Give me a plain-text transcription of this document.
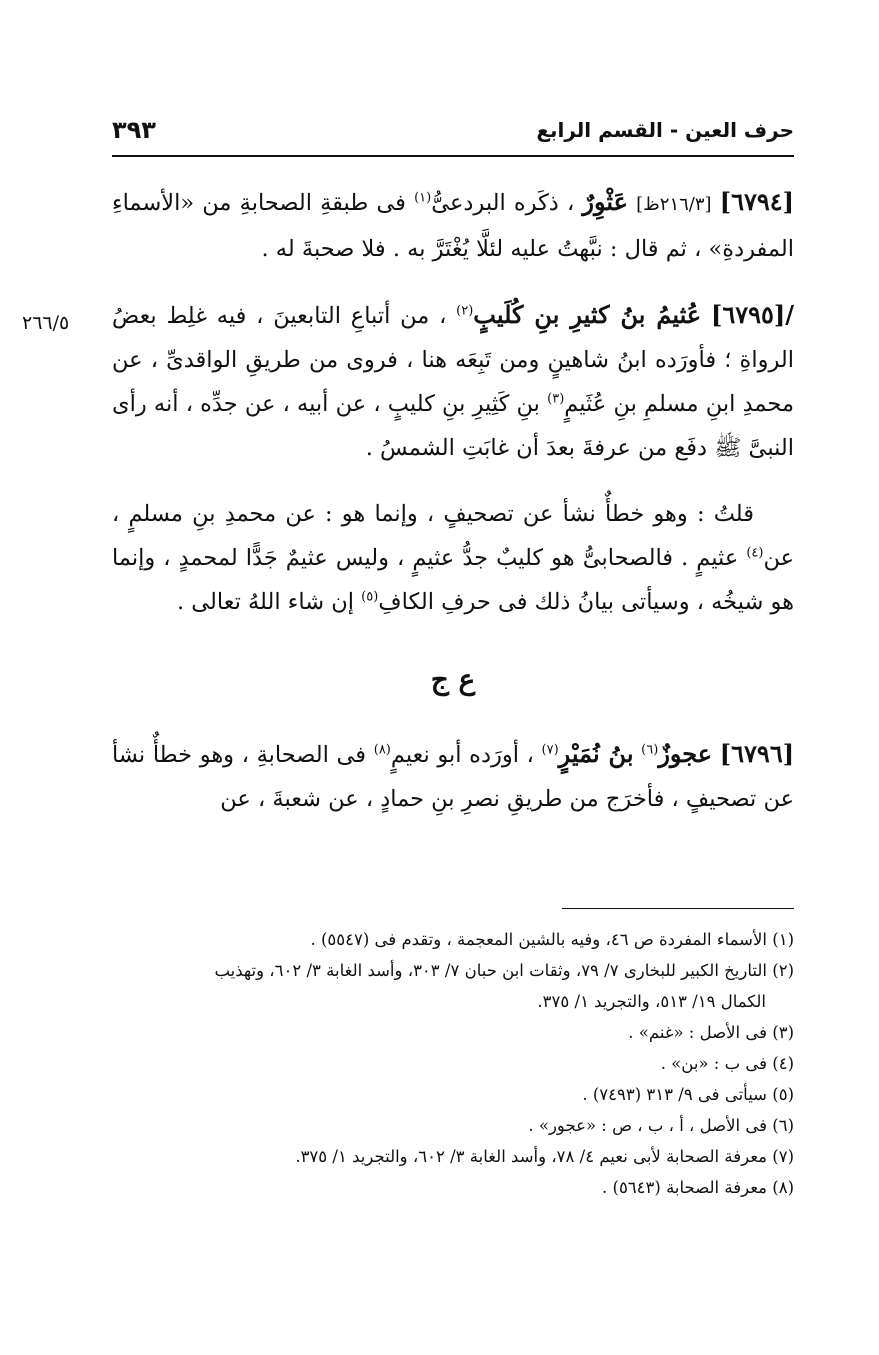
حرف العين - القسم الرابع
٣٩٣
٢٦٦/٥

[٦٧٩٤] [٢١٦/٣ظ] عَثْوِرٌ ، ذكَره البردعىُّ$^{(١)}$ فى طبقةِ الصحابةِ من «الأسماءِ المفردةِ» ، ثم قال : نبَّهتُ عليه لئلَّا يُغْتَرَّ به . فلا صحبةَ له .

/[٦٧٩٥] عُثيمُ بنُ كثيرِ بنِ كُلَيبٍ$^{(٢)}$ ، من أتباعِ التابعينَ ، فيه غلِط بعضُ الرواةِ ؛ فأورَده ابنُ شاهينٍ ومن تَبِعَه هنا ، فروى من طريقِ الواقدىِّ ، عن محمدِ ابنِ مسلمِ بنِ عُثَيمٍ$^{(٣)}$ بنِ كَثِيرِ بنِ كليبٍ ، عن أبيه ، عن جدِّه ، أنه رأى النبىَّ ﷺ دفَع من عرفةَ بعدَ أن غابَتِ الشمسُ .

قلتُ : وهو خطأٌ نشأ عن تصحيفٍ ، وإنما هو : عن محمدِ بنِ مسلمٍ ، عن$^{(٤)}$ عثيمٍ . فالصحابىُّ هو كليبٌ جدُّ عثيمٍ ، وليس عثيمٌ جَدًّا لمحمدٍ ، وإنما هو شيخُه ، وسيأتى بيانُ ذلك فى حرفِ الكافِ$^{(٥)}$ إن شاء اللهُ تعالى .

ع ج

[٦٧٩٦] عجوزٌ$^{(٦)}$ بنُ نُمَيْرٍ$^{(٧)}$ ، أورَده أبو نعيمٍ$^{(٨)}$ فى الصحابةِ ، وهو خطأٌ نشأ عن تصحيفٍ ، فأخرَج من طريقِ نصرِ بنِ حمادٍ ، عن شعبةَ ، عن

(١) الأسماء المفردة ص ٤٦، وفيه بالشين المعجمة ، وتقدم فى (٥٥٤٧) .
(٢) التاريخ الكبير للبخارى ٧/ ٧٩، وثقات ابن حبان ٧/ ٣٠٣، وأسد الغابة ٣/ ٦٠٢، وتهذيب
الكمال ١٩/ ٥١٣، والتجريد ١/ ٣٧٥.
(٣) فى الأصل : «غنم» .
(٤) فى ب : «بن» .
(٥) سيأتى فى ٩/ ٣١٣ (٧٤٩٣) .
(٦) فى الأصل ، أ ، ب ، ص : «عجور» .
(٧) معرفة الصحابة لأبى نعيم ٤/ ٧٨، وأسد الغابة ٣/ ٦٠٢، والتجريد ١/ ٣٧٥.
(٨) معرفة الصحابة (٥٦٤٣) .
